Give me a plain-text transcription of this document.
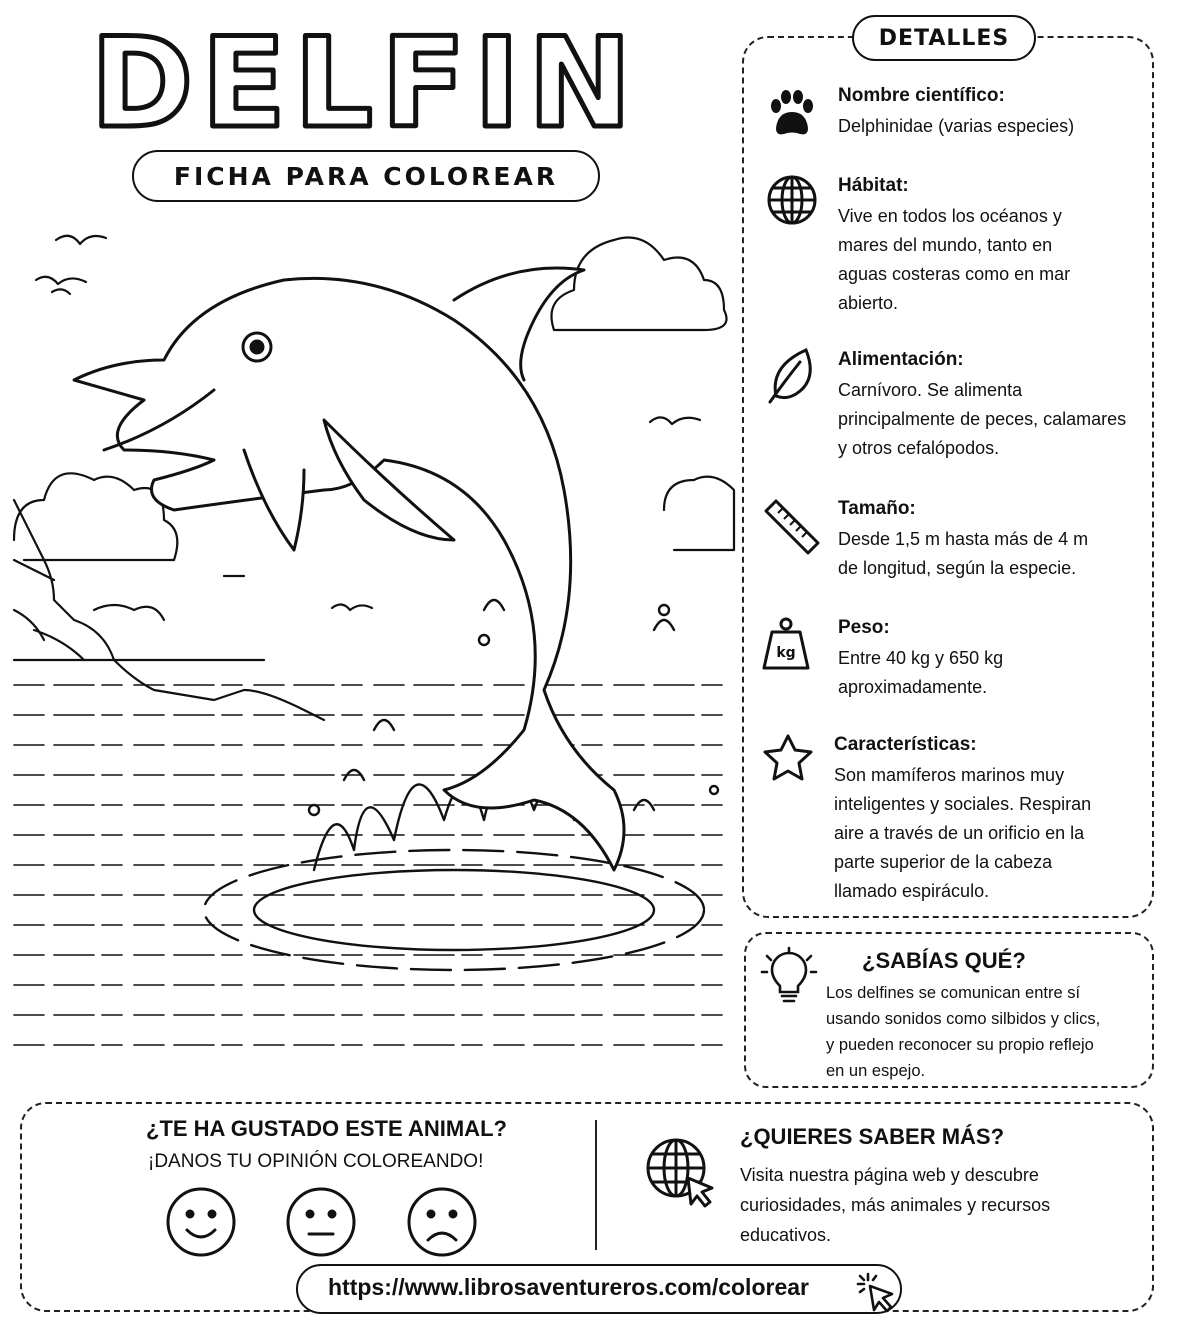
DELFIN
FICHA PARA COLOREAR
DETALLES
Nombre científico:
Delphinidae (varias especies)
Hábitat:
Vive en todos los océanos y
mares del mundo, tanto en
aguas costeras como en mar
abierto.
Alimentación:
Carnívoro. Se alimenta
principalmente de peces, calamares
y otros cefalópodos.
Tamaño:
Desde 1,5 m hasta más de 4 m
de longitud, según la especie.
kg
Peso:
Entre 40 kg y 650 kg
aproximadamente.
Características:
Son mamíferos marinos muy
inteligentes y sociales. Respiran
aire a través de un orificio en la
parte superior de la cabeza
llamado espiráculo.
¿SABÍAS QUÉ?
Los delfines se comunican entre sí
usando sonidos como silbidos y clics,
y pueden reconocer su propio reflejo
en un espejo.
¿TE HA GUSTADO ESTE ANIMAL?
¡DANOS TU OPINIÓN COLOREANDO!
¿QUIERES SABER MÁS?
Visita nuestra página web y descubre
curiosidades, más animales y recursos
educativos.
https://www.librosaventureros.com/colorear
